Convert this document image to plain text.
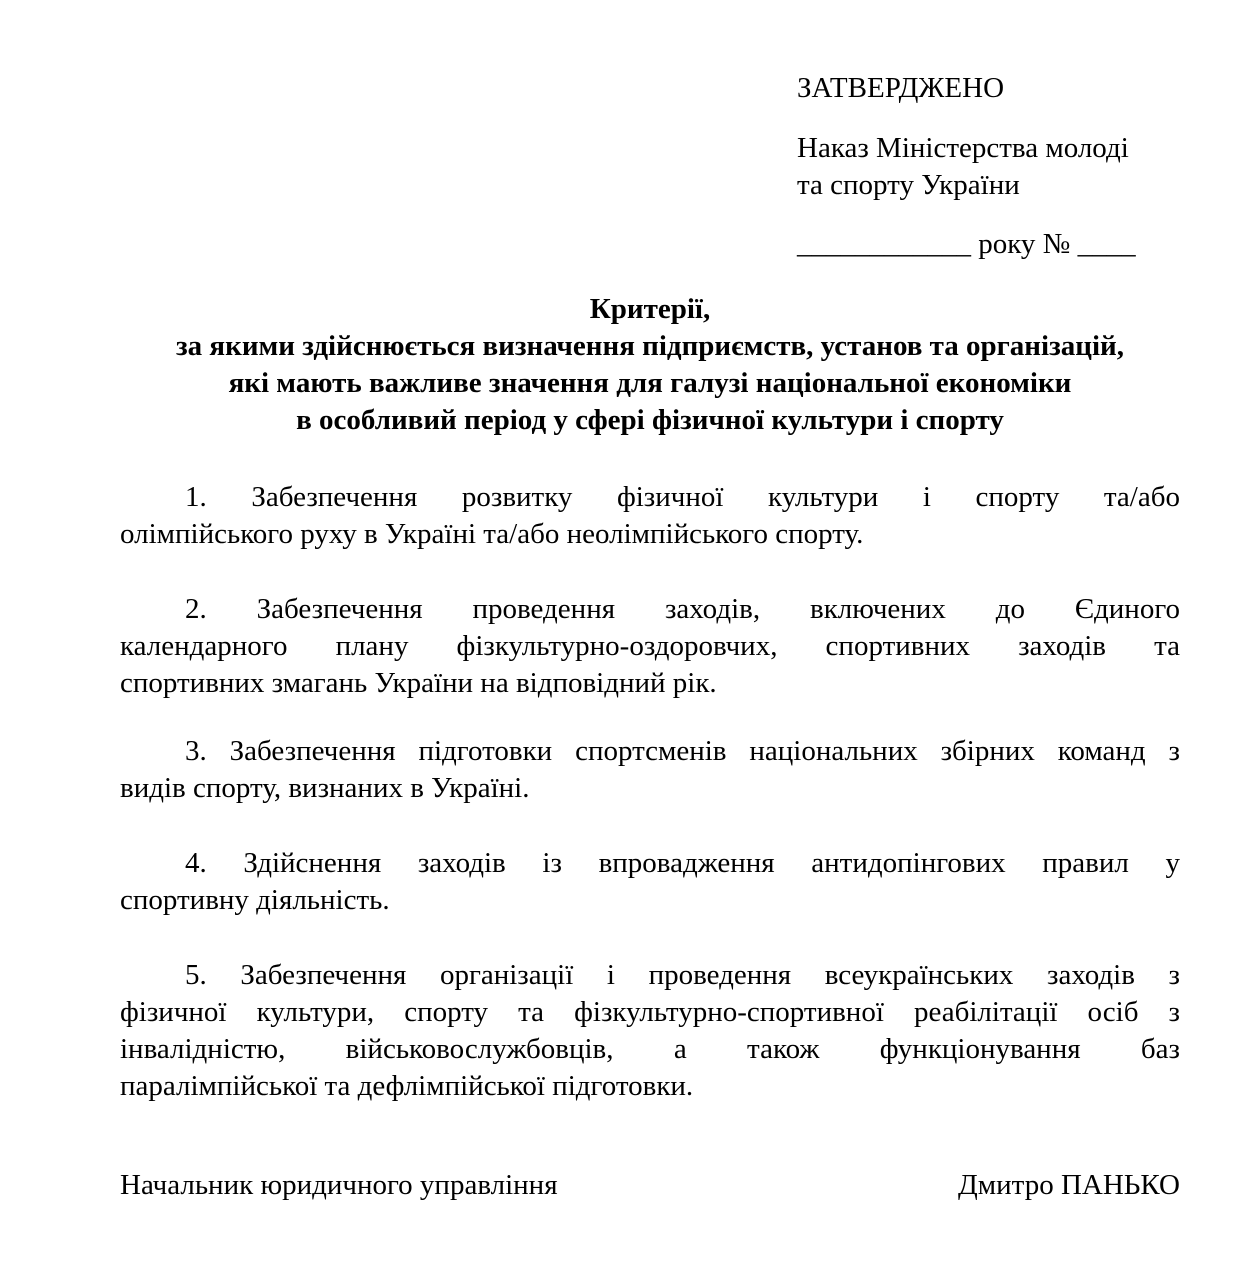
ЗАТВЕРДЖЕНО
Наказ Міністерства молоді
та спорту України
____________ року № ____
Критерії,
за якими здійснюється визначення підприємств, установ та організацій,
які мають важливе значення для галузі національної економіки
в особливий період у сфері фізичної культури і спорту
1. Забезпечення розвитку фізичної культури і спорту та/або
олімпійського руху в Україні та/або неолімпійського спорту.
2. Забезпечення проведення заходів, включених до Єдиного
календарного плану фізкультурно-оздоровчих, спортивних заходів та
спортивних змагань України на відповідний рік.
3. Забезпечення підготовки спортсменів національних збірних команд з
видів спорту, визнаних в Україні.
4. Здійснення заходів із впровадження антидопінгових правил у
спортивну діяльність.
5. Забезпечення організації і проведення всеукраїнських заходів з
фізичної культури, спорту та фізкультурно-спортивної реабілітації осіб з
інвалідністю, військовослужбовців, а також функціонування баз
паралімпійської та дефлімпійської підготовки.
Начальник юридичного управління	Дмитро ПАНЬКО
